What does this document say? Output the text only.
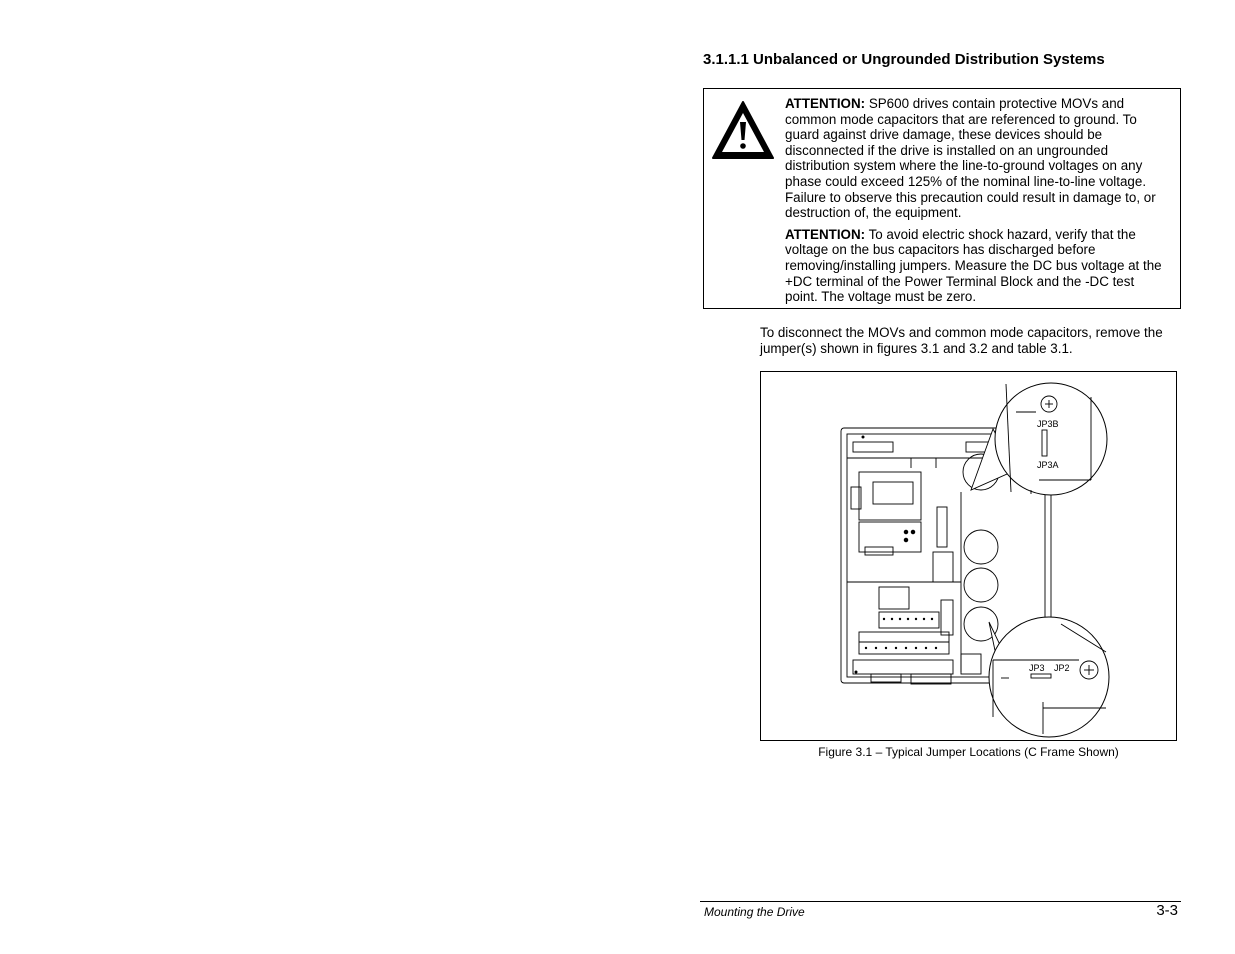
3.1.1.1 Unbalanced or Ungrounded Distribution Systems

ATTENTION: SP600 drives contain protective MOVs and common mode capacitors that are referenced to ground. To guard against drive damage, these devices should be disconnected if the drive is installed on an ungrounded distribution system where the line-to-ground voltages on any phase could exceed 125% of the nominal line-to-line voltage. Failure to observe this precaution could result in damage to, or destruction of, the equipment.

ATTENTION: To avoid electric shock hazard, verify that the voltage on the bus capacitors has discharged before removing/installing jumpers. Measure the DC bus voltage at the +DC terminal of the Power Terminal Block and the -DC test point. The voltage must be zero.

To disconnect the MOVs and common mode capacitors, remove the jumper(s) shown in figures 3.1 and 3.2 and table 3.1.

JP3B
JP3A
JP3 JP2

Figure 3.1 – Typical Jumper Locations (C Frame Shown)

Mounting the Drive	3-3
